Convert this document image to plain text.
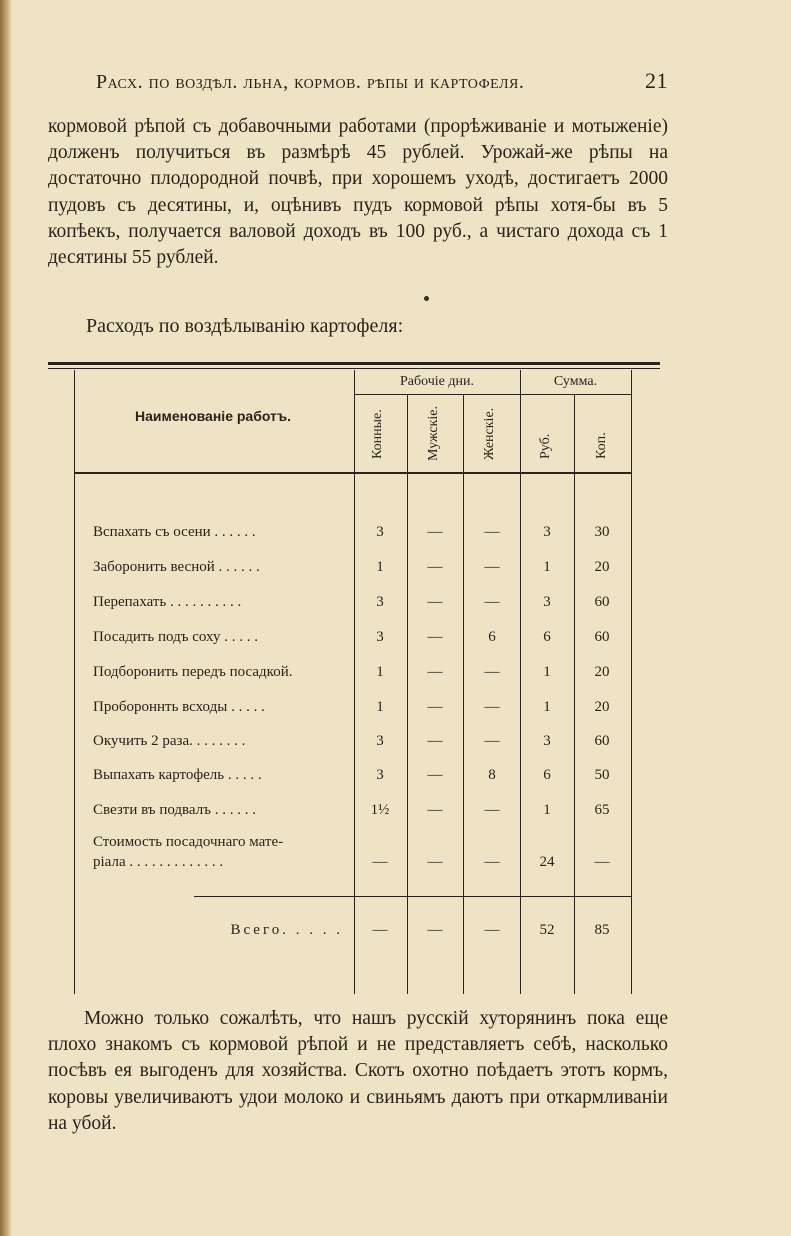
Расх. по воздѣл. льна, кормов. рѣпы и картофеля.	21
кормовой рѣпой съ добавочными работами (прорѣживаніе и мотыженіе) долженъ получиться въ размѣрѣ 45 рублей. Урожай-же рѣпы на достаточно плодородной почвѣ, при хорошемъ уходѣ, достигаетъ 2000 пудовъ съ десятины, и, оцѣнивъ пудъ кормовой рѣпы хотя-бы въ 5 копѣекъ, получается валовой доходъ въ 100 руб., а чистаго дохода съ 1 десятины 55 рублей.
Расходъ по воздѣлыванію картофеля:
Наименованіе работъ.
Рабочіе дни.	Сумма.
Конные.	Мужскіе.	Женскіе.	Руб.	Коп.
Вспахать съ осени . . . . . .	3	—	—	3	30
Заборонить весной . . . . . .	1	—	—	1	20
Перепахать . . . . . . . . . .	3	—	—	3	60
Посадить подъ соху . . . . .	3	—	6	6	60
Подборонить передъ посадкой.	1	—	—	1	20
Пробороннть всходы . . . . .	1	—	—	1	20
Окучить 2 раза. . . . . . . .	3	—	—	3	60
Выпахать картофель . . . . .	3	—	8	6	50
Свезти въ подвалъ . . . . . .	1½	—	—	1	65
Стоимость посадочнаго мате-
ріала . . . . . . . . . . . . .	—	—	—	24	—
Всего. . . . .	—	—	—	52	85
Можно только сожалѣть, что нашъ русскій хуторянинъ пока еще плохо знакомъ съ кормовой рѣпой и не представляетъ себѣ, насколько посѣвъ ея выгоденъ для хозяйства. Скотъ охотно поѣдаетъ этотъ кормъ, коровы увеличиваютъ удои молоко и свиньямъ даютъ при откармливаніи на убой.
